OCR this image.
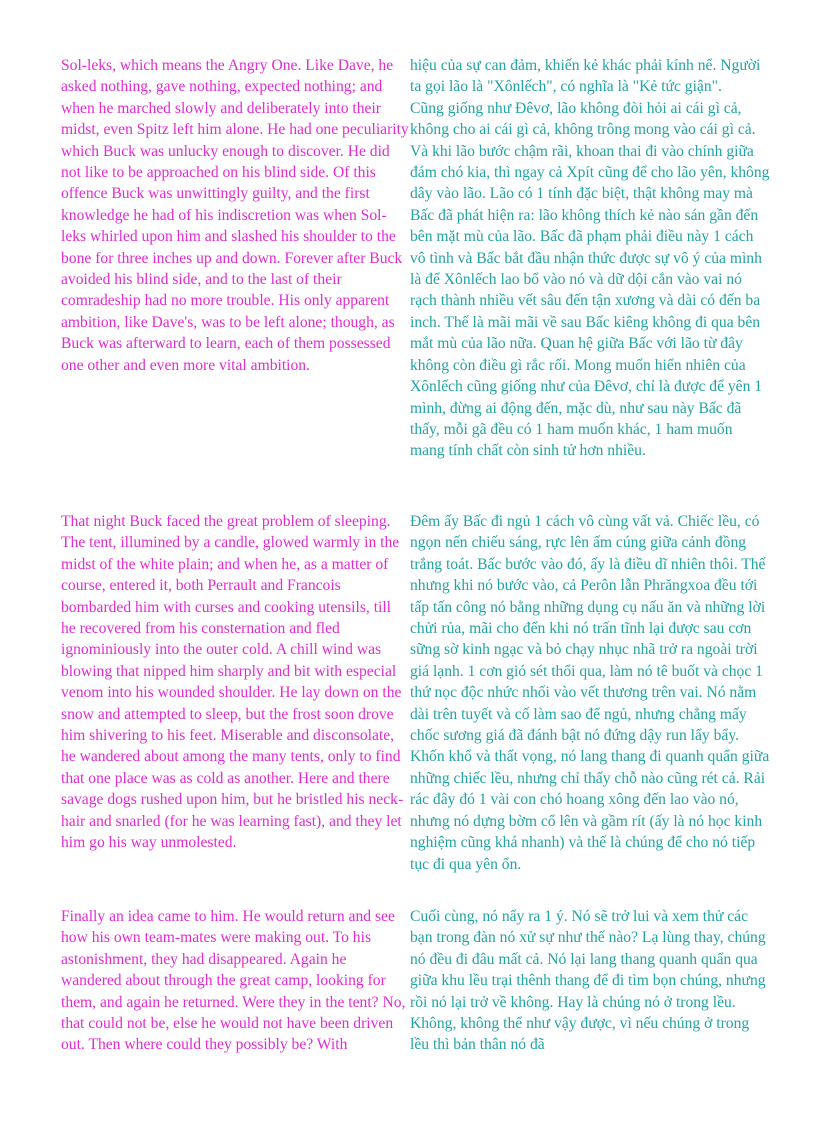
Sol-leks, which means the Angry One. Like Dave, he asked nothing, gave nothing, expected nothing; and when he marched slowly and deliberately into their midst, even Spitz left him alone. He had one peculiarity which Buck was unlucky enough to discover. He did not like to be approached on his blind side. Of this offence Buck was unwittingly guilty, and the first knowledge he had of his indiscretion was when Sol-leks whirled upon him and slashed his shoulder to the bone for three inches up and down. Forever after Buck avoided his blind side, and to the last of their comradeship had no more trouble. His only apparent ambition, like Dave's, was to be left alone; though, as Buck was afterward to learn, each of them possessed one other and even more vital ambition.

hiệu của sự can đảm, khiến kẻ khác phải kính nể. Người ta gọi lão là "Xônlếch", có nghĩa là "Kẻ tức giận".

Cũng giống như Đêvơ, lão không đòi hỏi ai cái gì cả, không cho ai cái gì cả, không trông mong vào cái gì cả. Và khi lão bước chậm rãi, khoan thai đi vào chính giữa đám chó kia, thì ngay cả Xpít cũng để cho lão yên, không dây vào lão. Lão có 1 tính đặc biệt, thật không may mà Bấc đã phát hiện ra: lão không thích kẻ nào sán gần đến bên mặt mù của lão. Bấc đã phạm phải điều này 1 cách vô tình và Bấc bắt đầu nhận thức được sự vô ý của mình là để Xônlếch lao bổ vào nó và dữ dội cắn vào vai nó rạch thành nhiều vết sâu đến tận xương và dài có đến ba inch. Thế là mãi mãi về sau Bấc kiêng không đi qua bên mắt mù của lão nữa. Quan hệ giữa Bấc với lão từ đây không còn điều gì rắc rối. Mong muốn hiển nhiên của Xônlếch cũng giống như của Đêvơ, chỉ là được để yên 1 mình, đừng ai động đến, mặc dù, như sau này Bấc đã thấy, mỗi gã đều có 1 ham muốn khác, 1 ham muốn mang tính chất còn sinh tử hơn nhiều.

That night Buck faced the great problem of sleeping. The tent, illumined by a candle, glowed warmly in the midst of the white plain; and when he, as a matter of course, entered it, both Perrault and Francois bombarded him with curses and cooking utensils, till he recovered from his consternation and fled ignominiously into the outer cold. A chill wind was blowing that nipped him sharply and bit with especial venom into his wounded shoulder. He lay down on the snow and attempted to sleep, but the frost soon drove him shivering to his feet. Miserable and disconsolate, he wandered about among the many tents, only to find that one place was as cold as another. Here and there savage dogs rushed upon him, but he bristled his neck-hair and snarled (for he was learning fast), and they let him go his way unmolested.

Đêm ấy Bấc đi ngủ 1 cách vô cùng vất vả. Chiếc lều, có ngọn nến chiếu sáng, rực lên ấm cúng giữa cảnh đồng trắng toát. Bấc bước vào đó, ấy là điều dĩ nhiên thôi. Thế nhưng khi nó bước vào, cả Perôn lẫn Phrăngxoa đều tới tấp tấn công nó bằng những dụng cụ nấu ăn và những lời chửi rủa, mãi cho đến khi nó trấn tĩnh lại được sau cơn sững sờ kinh ngạc và bỏ chạy nhục nhã trở ra ngoài trời giá lạnh. 1 cơn gió sét thổi qua, làm nó tê buốt và chọc 1 thứ nọc độc nhức nhối vào vết thương trên vai. Nó nằm dài trên tuyết và cố làm sao để ngủ, nhưng chẳng mấy chốc sương giá đã đánh bật nó đứng dậy run lẩy bẩy. Khốn khổ và thất vọng, nó lang thang đi quanh quẩn giữa những chiếc lều, nhưng chỉ thấy chỗ nào cũng rét cả. Rải rác đây đó 1 vài con chó hoang xông đến lao vào nó, nhưng nó dựng bờm cổ lên và gầm rít (ấy là nó học kinh nghiệm cũng khá nhanh) và thế là chúng để cho nó tiếp tục đi qua yên ổn.

Finally an idea came to him. He would return and see how his own team-mates were making out. To his astonishment, they had disappeared. Again he wandered about through the great camp, looking for them, and again he returned. Were they in the tent? No, that could not be, else he would not have been driven out. Then where could they possibly be? With

Cuối cùng, nó nẩy ra 1 ý. Nó sẽ trở lui và xem thử các bạn trong đàn nó xử sự như thế nào? Lạ lùng thay, chúng nó đều đi đâu mất cả. Nó lại lang thang quanh quẩn qua giữa khu lều trại thênh thang để đi tìm bọn chúng, nhưng rồi nó lại trở về không. Hay là chúng nó ở trong lều. Không, không thể như vậy được, vì nếu chúng ở trong lều thì bản thân nó đã
